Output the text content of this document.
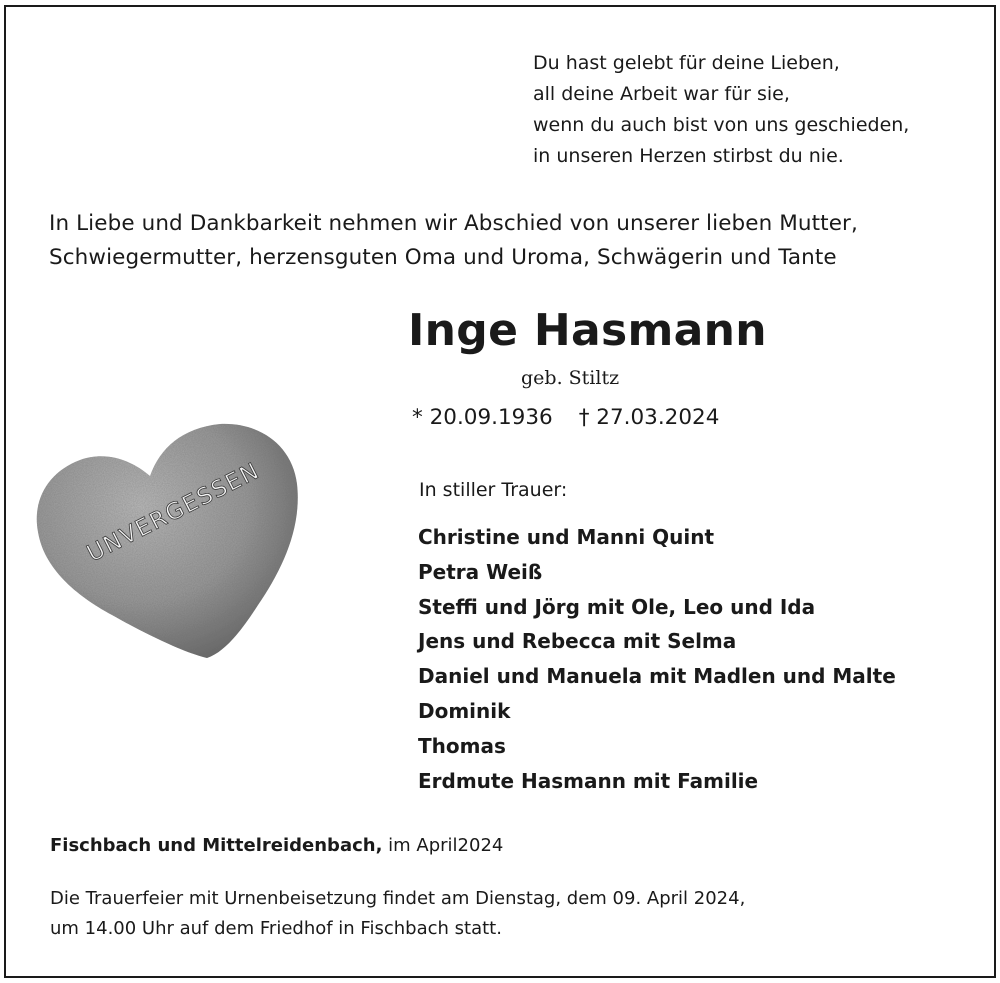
Du hast gelebt für deine Lieben,
all deine Arbeit war für sie,
wenn du auch bist von uns geschieden,
in unseren Herzen stirbst du nie.
In Liebe und Dankbarkeit nehmen wir Abschied von unserer lieben Mutter,
Schwiegermutter, herzensguten Oma und Uroma, Schwägerin und Tante
Inge Hasmann
geb. Stiltz
* 20.09.1936 † 27.03.2024
UNVERGESSEN	In stiller Trauer:
Christine und Manni Quint
Petra Weiß
Steffi und Jörg mit Ole, Leo und Ida
Jens und Rebecca mit Selma
Daniel und Manuela mit Madlen und Malte
Dominik
Thomas
Erdmute Hasmann mit Familie
Fischbach und Mittelreidenbach, im April2024
Die Trauerfeier mit Urnenbeisetzung findet am Dienstag, dem 09. April 2024,
um 14.00 Uhr auf dem Friedhof in Fischbach statt.
